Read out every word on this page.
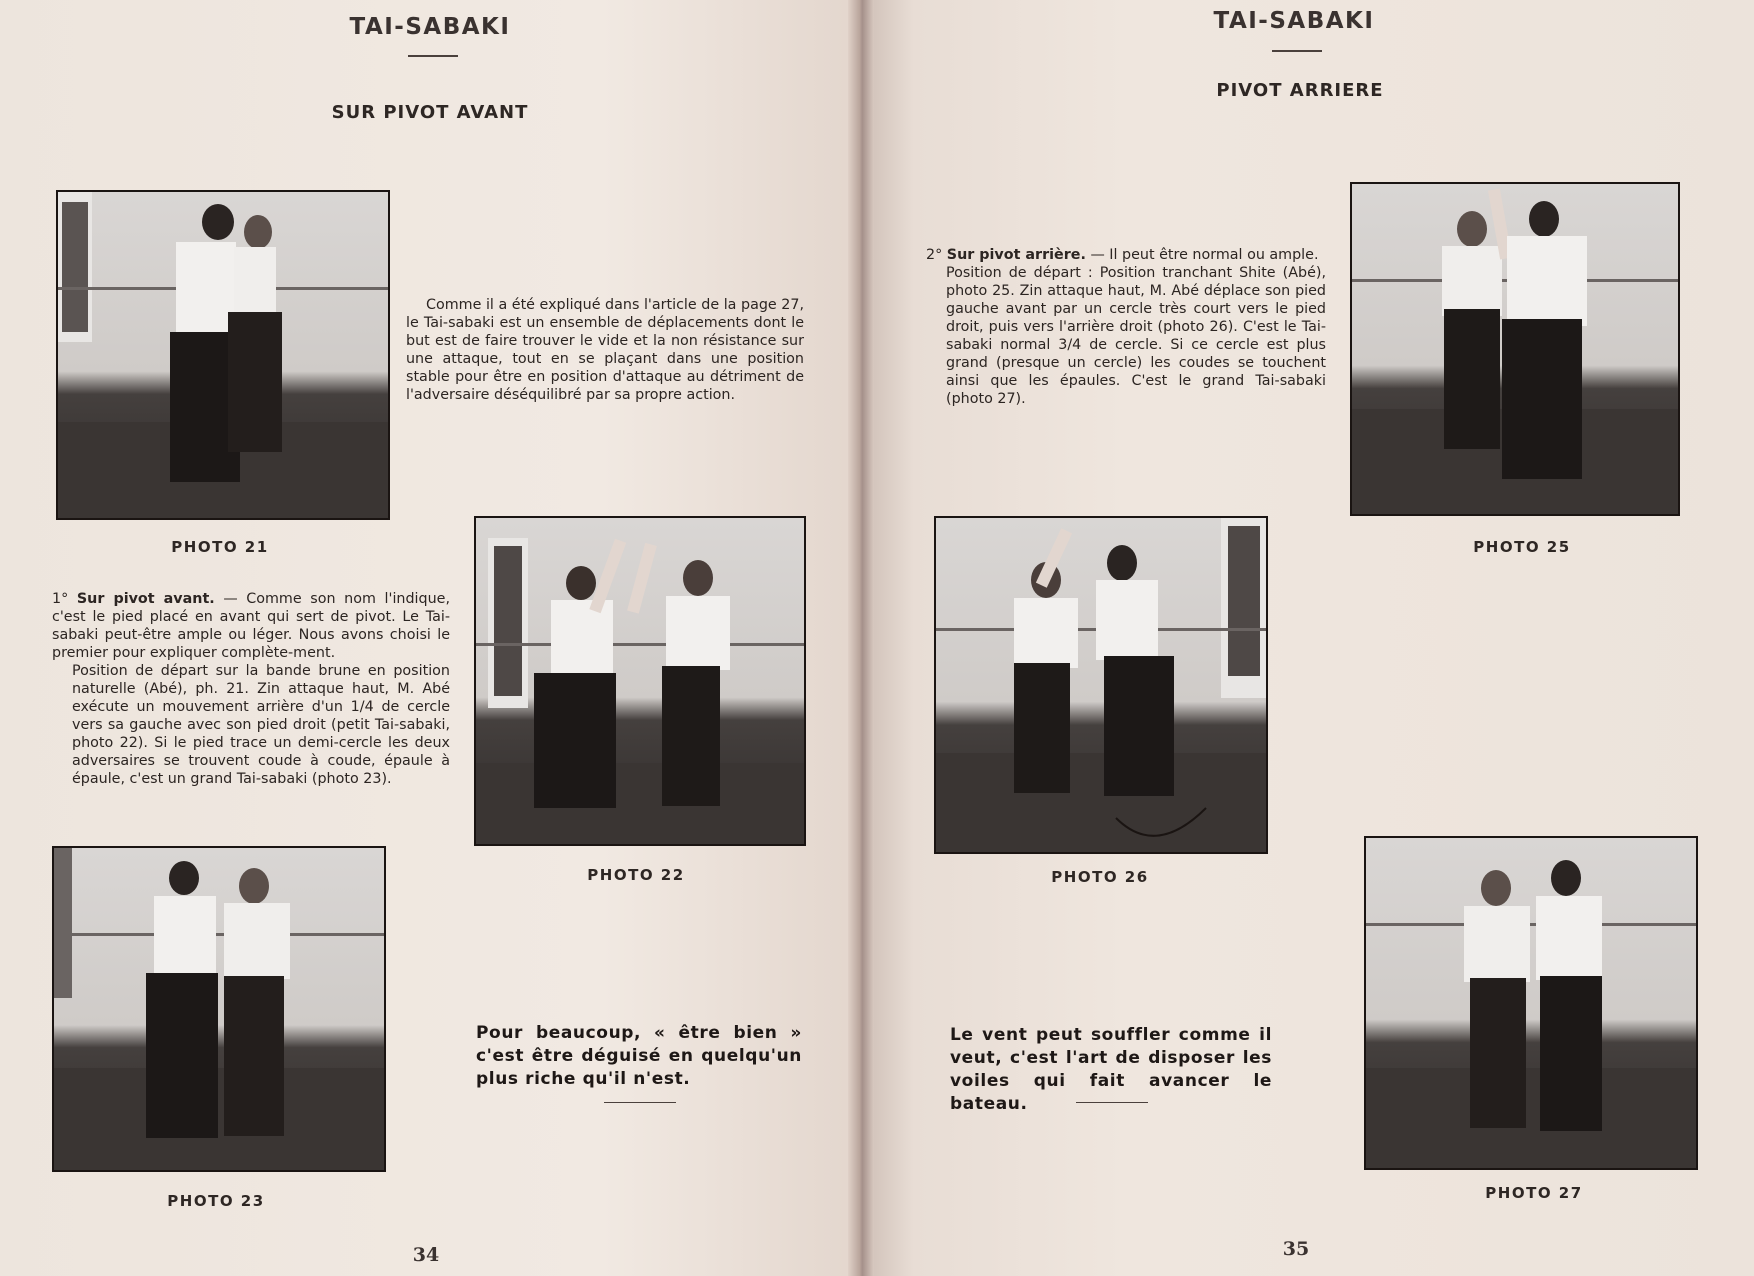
TAI-SABAKI
SUR PIVOT AVANT
PHOTO 21
Comme il a été expliqué dans l'article de la page 27, le Tai-sabaki est un ensemble de déplacements dont le but est de faire trouver le vide et la non résistance sur une attaque, tout en se plaçant dans une position stable pour être en position d'attaque au détriment de l'adversaire déséquilibré par sa propre action.
PHOTO 22
1° Sur pivot avant. — Comme son nom l'indique, c'est le pied placé en avant qui sert de pivot. Le Tai-sabaki peut-être ample ou léger. Nous avons choisi le premier pour expliquer complète-ment.
Position de départ sur la bande brune en position naturelle (Abé), ph. 21. Zin attaque haut, M. Abé exécute un mouvement arrière d'un 1/4 de cercle vers sa gauche avec son pied droit (petit Tai-sabaki, photo 22). Si le pied trace un demi-cercle les deux adversaires se trouvent coude à coude, épaule à épaule, c'est un grand Tai-sabaki (photo 23).
PHOTO 23
Pour beaucoup, « être bien » c'est être déguisé en quelqu'un plus riche qu'il n'est.
34
TAI-SABAKI
PIVOT ARRIERE
2° Sur pivot arrière. — Il peut être normal ou ample.
Position de départ : Position tranchant Shite (Abé), photo 25. Zin attaque haut, M. Abé déplace son pied gauche avant par un cercle très court vers le pied droit, puis vers l'arrière droit (photo 26). C'est le Tai-sabaki normal 3/4 de cercle. Si ce cercle est plus grand (presque un cercle) les coudes se touchent ainsi que les épaules. C'est le grand Tai-sabaki (photo 27).
PHOTO 25
PHOTO 26
PHOTO 27
Le vent peut souffler comme il veut, c'est l'art de disposer les voiles qui fait avancer le bateau.
35
